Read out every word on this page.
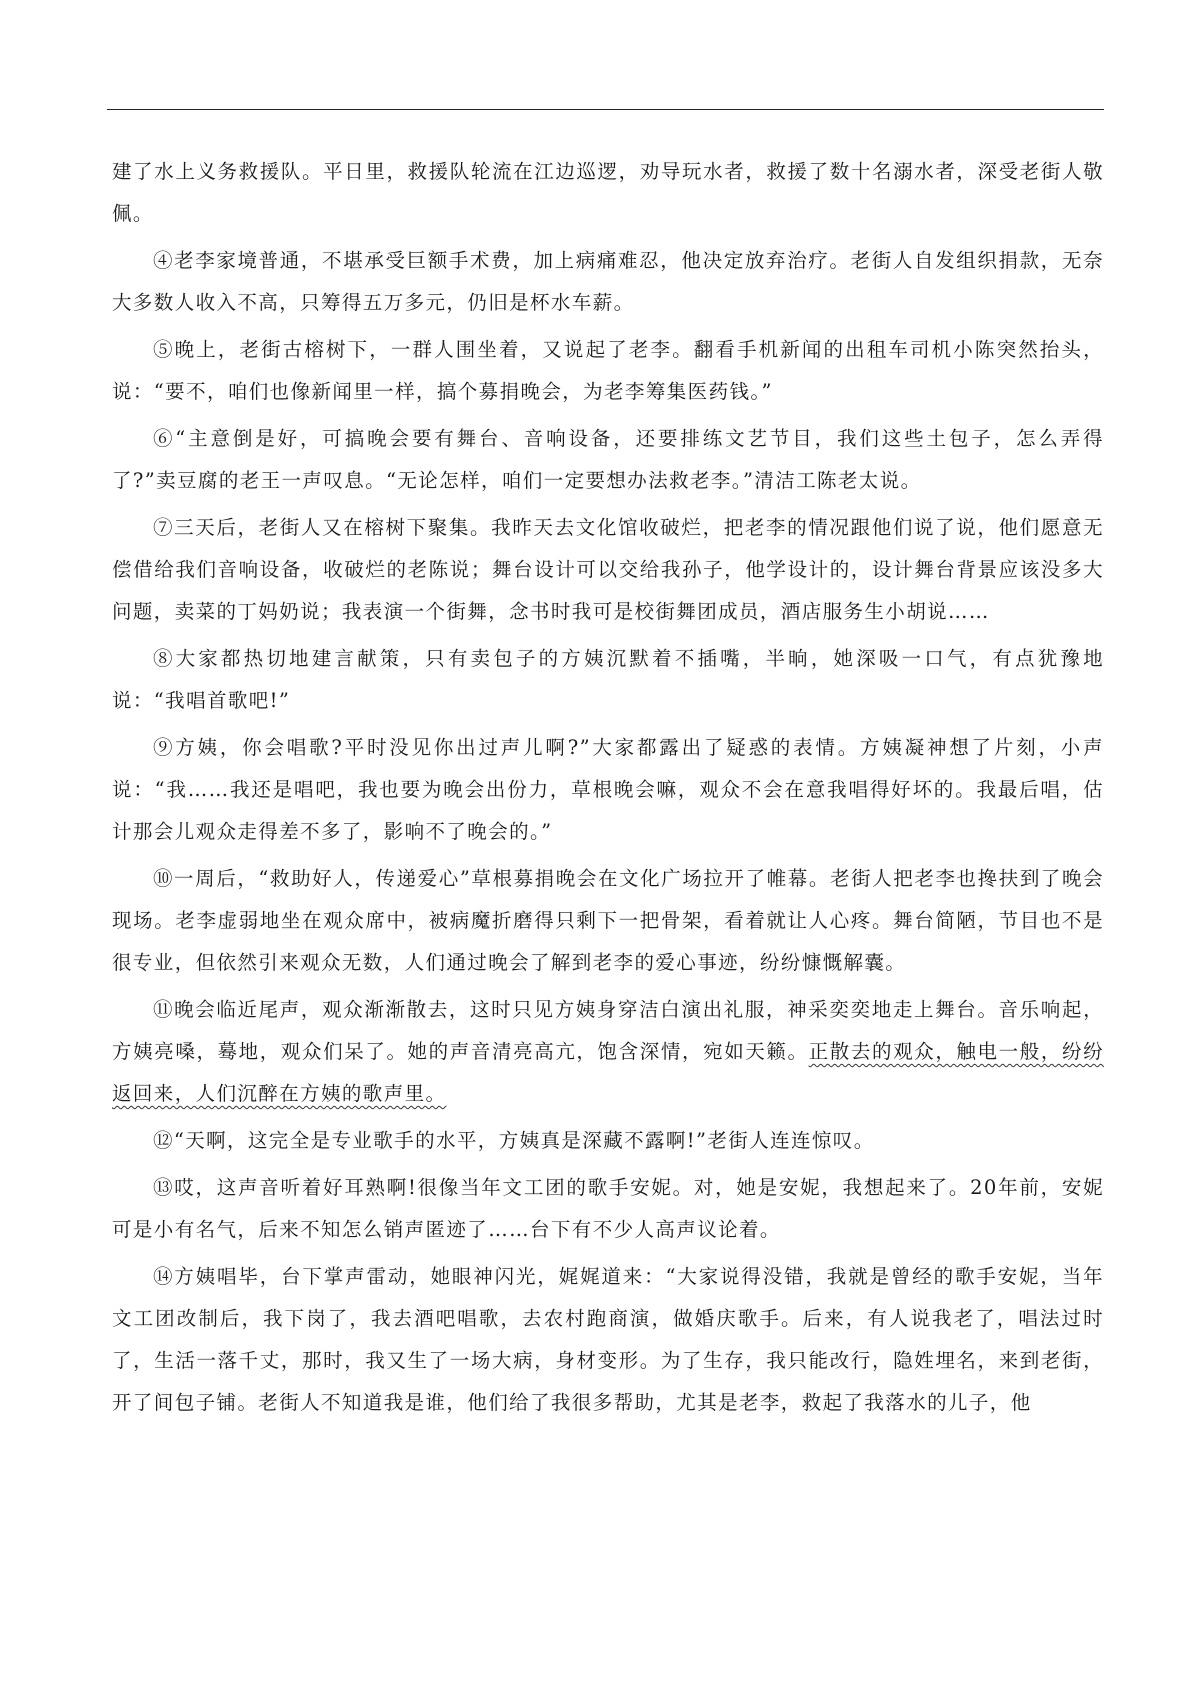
建了水上义务救援队。平日里，救援队轮流在江边巡逻，劝导玩水者，救援了数十名溺水者，深受老街人敬佩。

④老李家境普通，不堪承受巨额手术费，加上病痛难忍，他决定放弃治疗。老街人自发组织捐款，无奈大多数人收入不高，只筹得五万多元，仍旧是杯水车薪。

⑤晚上，老街古榕树下，一群人围坐着，又说起了老李。翻看手机新闻的出租车司机小陈突然抬头，说：“要不，咱们也像新闻里一样，搞个募捐晚会，为老李筹集医药钱。”

⑥“主意倒是好，可搞晚会要有舞台、音响设备，还要排练文艺节目，我们这些土包子，怎么弄得了?”卖豆腐的老王一声叹息。“无论怎样，咱们一定要想办法救老李。”清洁工陈老太说。

⑦三天后，老街人又在榕树下聚集。我昨天去文化馆收破烂，把老李的情况跟他们说了说，他们愿意无偿借给我们音响设备，收破烂的老陈说；舞台设计可以交给我孙子，他学设计的，设计舞台背景应该没多大问题，卖菜的丁妈奶说；我表演一个街舞，念书时我可是校街舞团成员，酒店服务生小胡说……

⑧大家都热切地建言献策，只有卖包子的方姨沉默着不插嘴，半晌，她深吸一口气，有点犹豫地说：“我唱首歌吧!”

⑨方姨，你会唱歌?平时没见你出过声儿啊?”大家都露出了疑惑的表情。方姨凝神想了片刻，小声说：“我……我还是唱吧，我也要为晚会出份力，草根晚会嘛，观众不会在意我唱得好坏的。我最后唱，估计那会儿观众走得差不多了，影响不了晚会的。”

⑩一周后，“救助好人，传递爱心”草根募捐晚会在文化广场拉开了帷幕。老街人把老李也搀扶到了晚会现场。老李虚弱地坐在观众席中，被病魔折磨得只剩下一把骨架，看着就让人心疼。舞台简陋，节目也不是很专业，但依然引来观众无数，人们通过晚会了解到老李的爱心事迹，纷纷慷慨解囊。

⑪晚会临近尾声，观众渐渐散去，这时只见方姨身穿洁白演出礼服，神采奕奕地走上舞台。音乐响起，方姨亮嗓，蓦地，观众们呆了。她的声音清亮高亢，饱含深情，宛如天籁。正散去的观众，触电一般，纷纷返回来，人们沉醉在方姨的歌声里。

⑫“天啊，这完全是专业歌手的水平，方姨真是深藏不露啊!”老街人连连惊叹。

⑬哎，这声音听着好耳熟啊!很像当年文工团的歌手安妮。对，她是安妮，我想起来了。20年前，安妮可是小有名气，后来不知怎么销声匿迹了……台下有不少人高声议论着。

⑭方姨唱毕，台下掌声雷动，她眼神闪光，娓娓道来：“大家说得没错，我就是曾经的歌手安妮，当年文工团改制后，我下岗了，我去酒吧唱歌，去农村跑商演，做婚庆歌手。后来，有人说我老了，唱法过时了，生活一落千丈，那时，我又生了一场大病，身材变形。为了生存，我只能改行，隐姓埋名，来到老街，开了间包子铺。老街人不知道我是谁，他们给了我很多帮助，尤其是老李，救起了我落水的儿子，他
